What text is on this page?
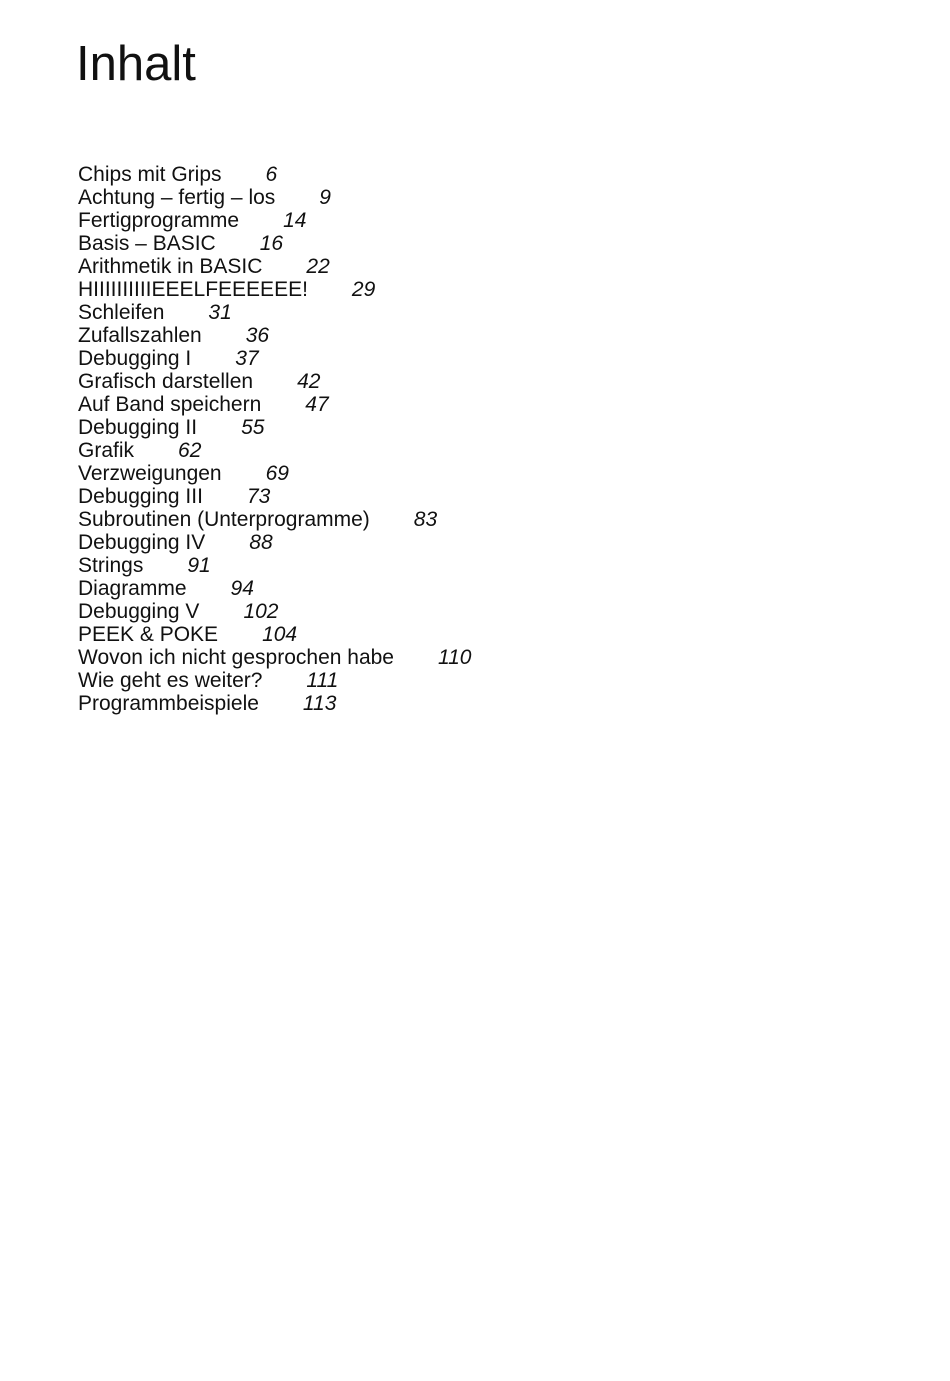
Inhalt
Chips mit Grips 6
Achtung – fertig – los 9
Fertigprogramme 14
Basis – BASIC 16
Arithmetik in BASIC 22
HIIIIIIIIIIEEELFEEEEEE! 29
Schleifen 31
Zufallszahlen 36
Debugging I 37
Grafisch darstellen 42
Auf Band speichern 47
Debugging II 55
Grafik 62
Verzweigungen 69
Debugging III 73
Subroutinen (Unterprogramme) 83
Debugging IV 88
Strings 91
Diagramme 94
Debugging V 102
PEEK & POKE 104
Wovon ich nicht gesprochen habe 110
Wie geht es weiter? 111
Programmbeispiele 113
